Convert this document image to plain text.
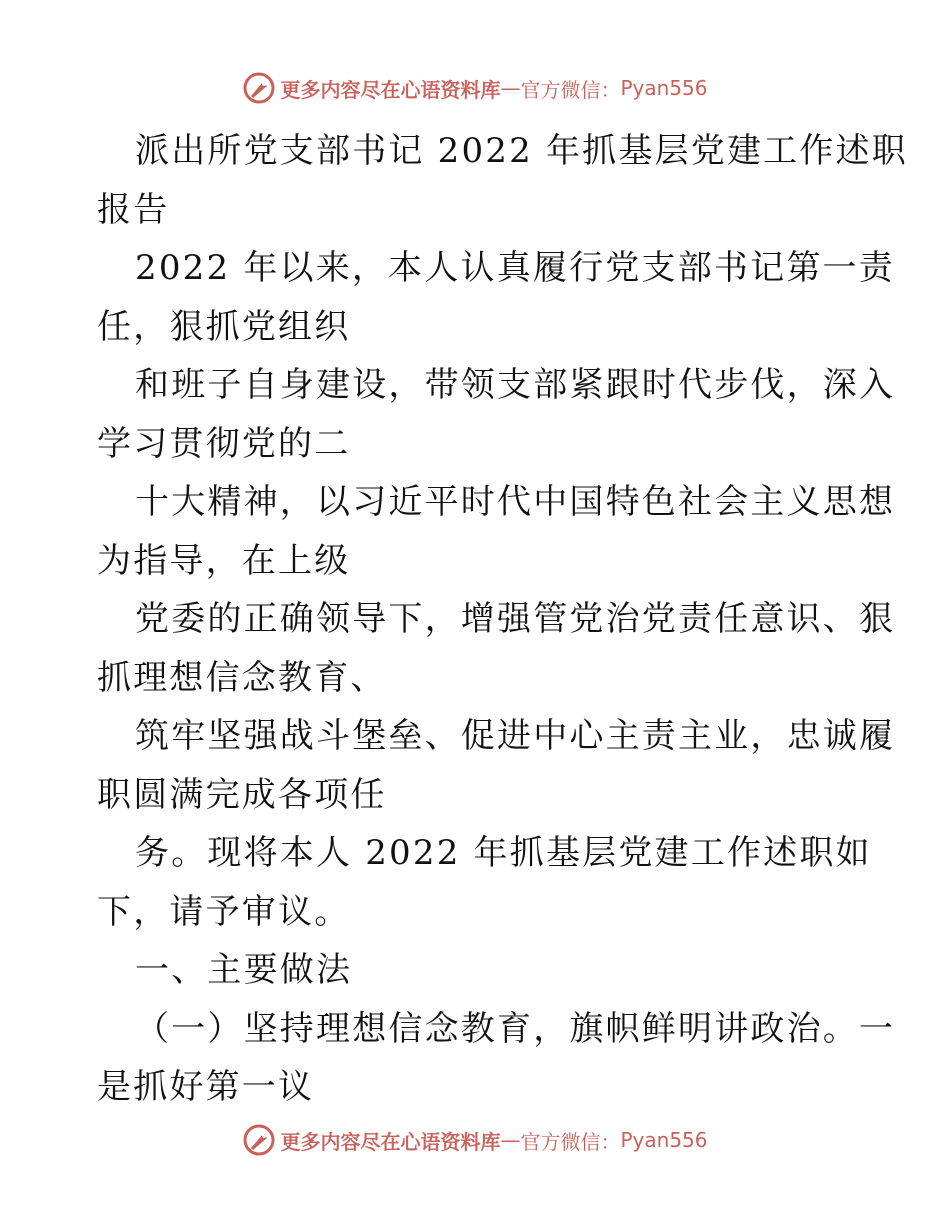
更多内容尽在心语资料库 — 官方微信： Pyan556
派出所党支部书记 2022 年抓基层党建工作述职
报告
2022 年以来，本人认真履行党支部书记第一责
任，狠抓党组织
和班子自身建设，带领支部紧跟时代步伐，深入
学习贯彻党的二
十大精神，以习近平时代中国特色社会主义思想
为指导，在上级
党委的正确领导下，增强管党治党责任意识、狠
抓理想信念教育、
筑牢坚强战斗堡垒、促进中心主责主业，忠诚履
职圆满完成各项任
务。现将本人 2022 年抓基层党建工作述职如
下，请予审议。
一、主要做法
（一）坚持理想信念教育，旗帜鲜明讲政治。一
是抓好第一议
更多内容尽在心语资料库 — 官方微信： Pyan556
